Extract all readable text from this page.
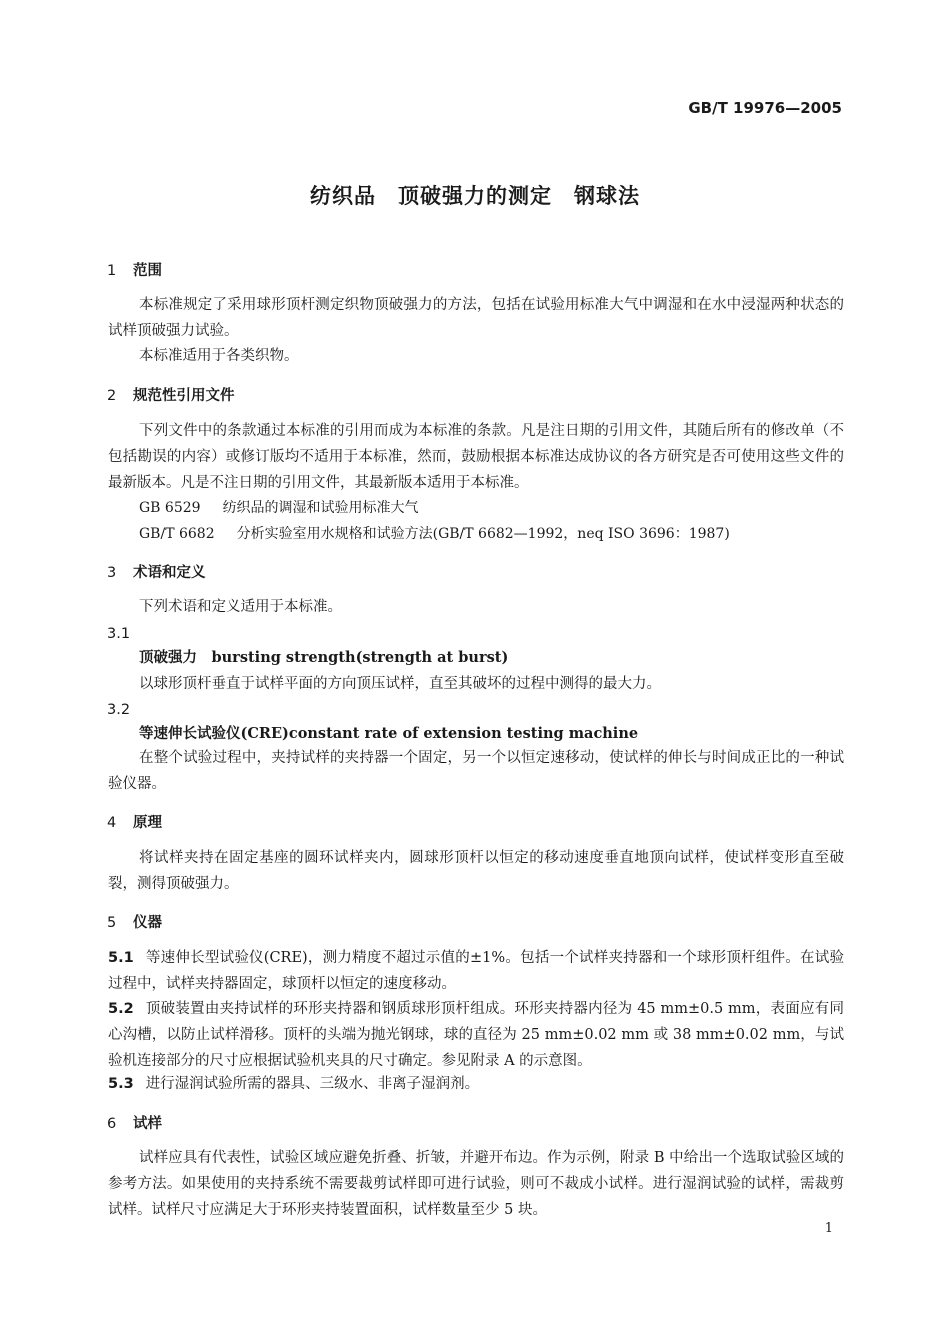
GB/T 19976—2005
纺织品　顶破强力的测定　钢球法
1 范围
本标准规定了采用球形顶杆测定织物顶破强力的方法，包括在试验用标准大气中调湿和在水中浸湿两种状态的试样顶破强力试验。
本标准适用于各类织物。
2 规范性引用文件
下列文件中的条款通过本标准的引用而成为本标准的条款。凡是注日期的引用文件，其随后所有的修改单（不包括勘误的内容）或修订版均不适用于本标准，然而，鼓励根据本标准达成协议的各方研究是否可使用这些文件的最新版本。凡是不注日期的引用文件，其最新版本适用于本标准。
GB 6529 纺织品的调湿和试验用标准大气
GB/T 6682 分析实验室用水规格和试验方法(GB/T 6682—1992，neq ISO 3696：1987)
3 术语和定义
下列术语和定义适用于本标准。
3.1
顶破强力　bursting strength(strength at burst)
以球形顶杆垂直于试样平面的方向顶压试样，直至其破坏的过程中测得的最大力。
3.2
等速伸长试验仪(CRE)constant rate of extension testing machine
在整个试验过程中，夹持试样的夹持器一个固定，另一个以恒定速移动，使试样的伸长与时间成正比的一种试验仪器。
4 原理
将试样夹持在固定基座的圆环试样夹内，圆球形顶杆以恒定的移动速度垂直地顶向试样，使试样变形直至破裂，测得顶破强力。
5 仪器
5.1 等速伸长型试验仪(CRE)，测力精度不超过示值的±1%。包括一个试样夹持器和一个球形顶杆组件。在试验过程中，试样夹持器固定，球顶杆以恒定的速度移动。
5.2 顶破装置由夹持试样的环形夹持器和钢质球形顶杆组成。环形夹持器内径为 45 mm±0.5 mm，表面应有同心沟槽，以防止试样滑移。顶杆的头端为抛光钢球，球的直径为 25 mm±0.02 mm 或 38 mm±0.02 mm，与试验机连接部分的尺寸应根据试验机夹具的尺寸确定。参见附录 A 的示意图。
5.3 进行湿润试验所需的器具、三级水、非离子湿润剂。
6 试样
试样应具有代表性，试验区域应避免折叠、折皱，并避开布边。作为示例，附录 B 中给出一个选取试验区域的参考方法。如果使用的夹持系统不需要裁剪试样即可进行试验，则可不裁成小试样。进行湿润试验的试样，需裁剪试样。试样尺寸应满足大于环形夹持装置面积，试样数量至少 5 块。
1
